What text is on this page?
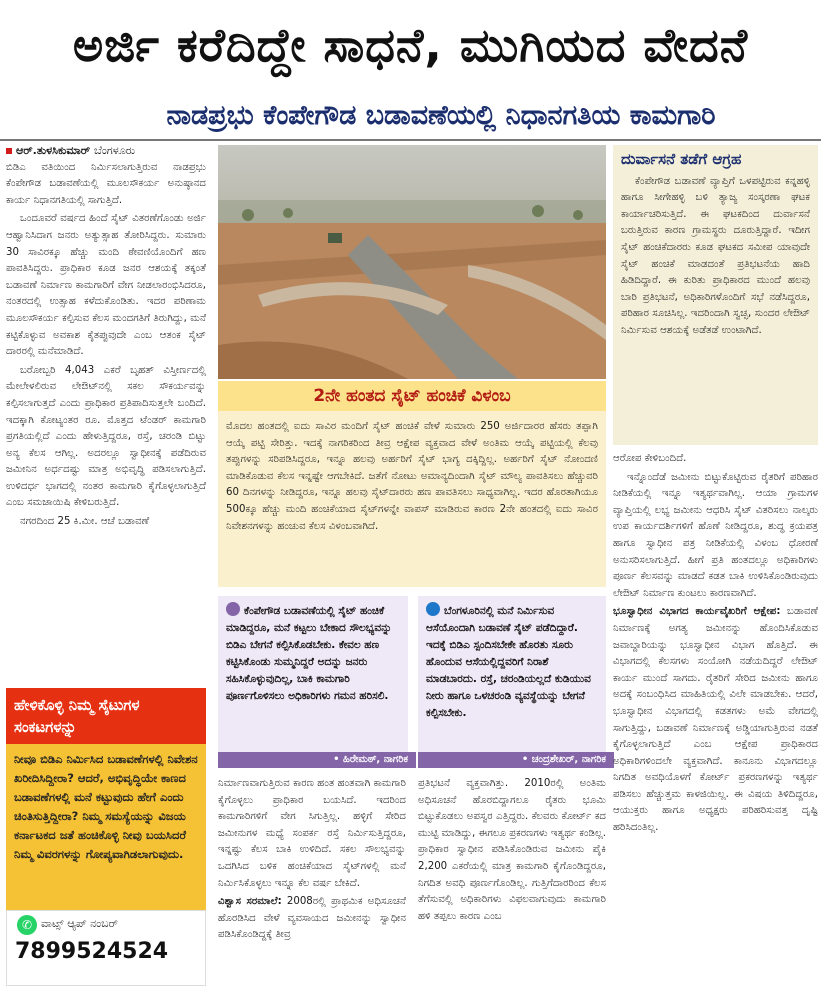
ಅರ್ಜಿ ಕರೆದಿದ್ದೇ ಸಾಧನೆ, ಮುಗಿಯದ ವೇದನೆ
ನಾಡಪ್ರಭು ಕೆಂಪೇಗೌಡ ಬಡಾವಣೆಯಲ್ಲಿ ನಿಧಾನಗತಿಯ ಕಾಮಗಾರಿ
ಆರ್.ತುಳಸಿಕುಮಾರ್ ಬೆಂಗಳೂರು

ಬಿಡಿಎ ವತಿಯಿಂದ ನಿರ್ಮಿಸಲಾಗುತ್ತಿರುವ ನಾಡಪ್ರಭು ಕೆಂಪೇಗೌಡ ಬಡಾವಣೆಯಲ್ಲಿ ಮೂಲಸೌಕರ್ಯ ಅನುಷ್ಠಾನದ ಕಾರ್ಯ ನಿಧಾನಗತಿಯಲ್ಲಿ ಸಾಗುತ್ತಿದೆ.

ಒಂದೂವರೆ ವರ್ಷದ ಹಿಂದೆ ಸೈಟ್ ವಿತರಣೆಗೊಂಡು ಅರ್ಜಿ ಆಹ್ವಾನಿಸಿದಾಗ ಜನರು ಅತ್ಯುತ್ಸಾಹ ತೋರಿಸಿದ್ದರು. ಸುಮಾರು 30 ಸಾವಿರಕ್ಕೂ ಹೆಚ್ಚು ಮಂದಿ ಠೇವಣಿಯೊಂದಿಗೆ ಹಣ ಪಾವತಿಸಿದ್ದರು. ಪ್ರಾಧಿಕಾರ ಕೂಡ ಜನರ ಆಶಯಕ್ಕೆ ತಕ್ಕಂತೆ ಬಡಾವಣೆ ನಿರ್ಮಾಣ ಕಾಮಗಾರಿಗೆ ವೇಗ ನೀಡಲಾರಂಭಿಸಿದರೂ, ನಂತರದಲ್ಲಿ ಉತ್ಸಾಹ ಕಳೆದುಕೊಂಡಿತು. ಇದರ ಪರಿಣಾಮ ಮೂಲಸೌಕರ್ಯ ಕಲ್ಪಿಸುವ ಕೆಲಸ ಮಂದಗತಿಗೆ ತಿರುಗಿದ್ದು, ಮನೆ ಕಟ್ಟಿಕೊಳ್ಳುವ ಅವಕಾಶ ಕೈತಪ್ಪುವುದೇ ಎಂಬ ಆತಂಕ ಸೈಟ್ ದಾರರಲ್ಲಿ ಮನೆಮಾಡಿದೆ.

ಬರೋಬ್ಬರಿ 4,043 ಎಕರೆ ಬೃಹತ್ ವಿಸ್ತೀರ್ಣದಲ್ಲಿ ಮೇಲೇಳಲಿರುವ ಲೇಔಟ್‌ನಲ್ಲಿ ಸಕಲ ಸೌಕರ್ಯವನ್ನು ಕಲ್ಪಿಸಲಾಗುತ್ತದೆ ಎಂದು ಪ್ರಾಧಿಕಾರ ಪ್ರತಿಪಾದಿಸುತ್ತಲೇ ಬಂದಿದೆ. ಇದಕ್ಕಾಗಿ ಕೋಟ್ಯಂತರ ರೂ. ಮೊತ್ತದ ಟೆಂಡರ್ ಕಾಮಗಾರಿ ಪ್ರಗತಿಯಲ್ಲಿದೆ ಎಂದು ಹೇಳುತ್ತಿದ್ದರೂ, ರಸ್ತೆ, ಚರಂಡಿ ಬಿಟ್ಟು ಅನ್ಯ ಕೆಲಸ ಆಗಿಲ್ಲ. ಅದರಲ್ಲೂ ಸ್ವಾಧೀನಕ್ಕೆ ಪಡೆದಿರುವ ಜಮೀನಿನ ಅರ್ಧದಷ್ಟು ಮಾತ್ರ ಅಭಿವೃದ್ಧಿ ಪಡಿಸಲಾಗುತ್ತಿದೆ. ಉಳಿದರ್ಧ ಭಾಗದಲ್ಲಿ ನಂತರ ಕಾಮಗಾರಿ ಕೈಗೊಳ್ಳಲಾಗುತ್ತಿದೆ ಎಂಬ ಸಮಜಾಯಿಷಿ ಕೇಳಿಬರುತ್ತಿದೆ.

ನಗರದಿಂದ 25 ಕಿ.ಮೀ. ಆಚೆ ಬಡಾವಣೆ

ಹೇಳಿಕೊಳ್ಳಿ ನಿಮ್ಮ ಸೈಟುಗಳ ಸಂಕಟಗಳನ್ನು
ನೀವೂ ಬಿಡಿಎ ನಿರ್ಮಿಸಿದ ಬಡಾವಣೆಗಳಲ್ಲಿ ನಿವೇಶನ ಖರೀದಿಸಿದ್ದೀರಾ? ಆದರೆ, ಅಭಿವೃದ್ಧಿಯೇ ಕಾಣದ ಬಡಾವಣೆಗಳಲ್ಲಿ ಮನೆ ಕಟ್ಟುವುದು ಹೇಗೆ ಎಂದು ಚಿಂತಿಸುತ್ತಿದ್ದೀರಾ? ನಿಮ್ಮ ಸಮಸ್ಯೆಯನ್ನು ವಿಜಯ ಕರ್ನಾಟಕದ ಜತೆ ಹಂಚಿಕೊಳ್ಳಿ ನೀವು ಬಯಸಿದರೆ ನಿಮ್ಮ ವಿವರಗಳನ್ನು ಗೋಪ್ಯವಾಗಿಡಲಾಗುವುದು.
✆ ವಾಟ್ಸ್‌ ಆ್ಯಪ್ ನಂಬರ್
7899524524
2ನೇ ಹಂತದ ಸೈಟ್ ಹಂಚಿಕೆ ವಿಳಂಬ
ಮೊದಲ ಹಂತದಲ್ಲಿ ಐದು ಸಾವಿರ ಮಂದಿಗೆ ಸೈಟ್ ಹಂಚಿಕೆ ವೇಳೆ ಸುಮಾರು 250 ಅರ್ಜಿದಾರರ ಹೆಸರು ತಪ್ಪಾಗಿ ಆಯ್ಕೆ ಪಟ್ಟಿ ಸೇರಿತ್ತು. ಇದಕ್ಕೆ ನಾಗರಿಕರಿಂದ ತೀವ್ರ ಆಕ್ಷೇಪ ವ್ಯಕ್ತವಾದ ವೇಳೆ ಅಂತಿಮ ಆಯ್ಕೆ ಪಟ್ಟಿಯಲ್ಲಿ ಕೆಲವು ತಪ್ಪುಗಳನ್ನು ಸರಿಪಡಿಸಿದ್ದರೂ, ಇನ್ನೂ ಹಲವು ಅರ್ಹರಿಗೆ ಸೈಟ್ ಭಾಗ್ಯ ದಕ್ಕಿದ್ದಿಲ್ಲ. ಅರ್ಹರಿಗೆ ಸೈಟ್ ನೋಂದಣಿ ಮಾಡಿಕೊಡುವ ಕೆಲಸ ಇನ್ನಷ್ಟೇ ಆಗಬೇಕಿದೆ. ಜತೆಗೆ ನೋಟು ಅಮಾನ್ಯದಿಂದಾಗಿ ಸೈಟ್ ಮೌಲ್ಯ ಪಾವತಿಸಲು ಹೆಚ್ಚುವರಿ 60 ದಿನಗಳನ್ನು ನೀಡಿದ್ದರೂ, ಇನ್ನೂ ಹಲವು ಸೈಟ್‌ದಾರರು ಹಣ ಪಾವತಿಸಲು ಸಾಧ್ಯವಾಗಿಲ್ಲ. ಇದರ ಹೊರತಾಗಿಯೂ 500ಕ್ಕೂ ಹೆಚ್ಚು ಮಂದಿ ಹಂಚಿಕೆಯಾದ ಸೈಟ್‌ಗಳನ್ನೇ ವಾಪಸ್ ಮಾಡಿರುವ ಕಾರಣ 2ನೇ ಹಂತದಲ್ಲಿ ಐದು ಸಾವಿರ ನಿವೇಶನಗಳನ್ನು ಹಂಚುವ ಕೆಲಸ ವಿಳಂಬವಾಗಿದೆ.
ಕೆಂಪೇಗೌಡ ಬಡಾವಣೆಯಲ್ಲಿ ಸೈಟ್ ಹಂಚಿಕೆ ಮಾಡಿದ್ದರೂ, ಮನೆ ಕಟ್ಟಲು ಬೇಕಾದ ಸೌಲಭ್ಯವನ್ನು ಬಿಡಿಎ ಬೇಗನೆ ಕಲ್ಪಿಸಿಕೊಡಬೇಕು. ಕೇವಲ ಹಣ ಕಟ್ಟಿಸಿಕೊಂಡು ಸುಮ್ಮನಿದ್ದರೆ ಅದನ್ನು ಜನರು ಸಹಿಸಿಕೊಳ್ಳುವುದಿಲ್ಲ, ಬಾಕಿ ಕಾಮಗಾರಿ ಪೂರ್ಣಗೊಳಿಸಲು ಅಧಿಕಾರಿಗಳು ಗಮನ ಹರಿಸಲಿ.
• ಹಿರೇಮಠ್, ನಾಗರಿಕ
ಬೆಂಗಳೂರಿನಲ್ಲಿ ಮನೆ ನಿರ್ಮಿಸುವ ಆಸೆಯೊಂದಾಗಿ ಬಡಾವಣೆ ಸೈಟ್ ಪಡೆದಿದ್ದಾರೆ. ಇದಕ್ಕೆ ಬಿಡಿಎ ಸ್ಪಂದಿಸಬೇಕೇ ಹೊರತು ಸೂರು ಹೊಂದುವ ಆಸೆಯಲ್ಲಿದ್ದವರಿಗೆ ನಿರಾಶೆ ಮಾಡಬಾರದು. ರಸ್ತೆ, ಚರಂಡಿಯಲ್ಲದೆ ಕುಡಿಯುವ ನೀರು ಹಾಗೂ ಒಳಚರಂಡಿ ವ್ಯವಸ್ಥೆಯನ್ನು ಬೇಗನೆ ಕಲ್ಪಿಸಬೇಕು.
• ಚಂದ್ರಶೇಖರ್, ನಾಗರಿಕ

ನಿರ್ಮಾಣವಾಗುತ್ತಿರುವ ಕಾರಣ ಹಂತ ಹಂತವಾಗಿ ಕಾಮಗಾರಿ ಕೈಗೊಳ್ಳಲು ಪ್ರಾಧಿಕಾರ ಬಯಸಿದೆ. ಇದರಿಂದ ಕಾಮಗಾರಿಗಳಿಗೆ ವೇಗ ಸಿಗುತ್ತಿಲ್ಲ. ಹಳ್ಳಿಗೆ ಸೇರಿದ ಜಮೀನುಗಳ ಮಧ್ಯೆ ಸಂಪರ್ಕ ರಸ್ತೆ ನಿರ್ಮಿಸುತ್ತಿದ್ದರೂ, ಇನ್ನಷ್ಟು ಕೆಲಸ ಬಾಕಿ ಉಳಿದಿದೆ. ಸಕಲ ಸೌಲಭ್ಯವನ್ನು ಒದಗಿಸಿದ ಬಳಿಕ ಹಂಚಿಕೆಯಾದ ಸೈಟ್‌ಗಳಲ್ಲಿ ಮನೆ ನಿರ್ಮಿಸಿಕೊಳ್ಳಲು ಇನ್ನೂ ಕೆಲ ವರ್ಷ ಬೇಕಿದೆ.

ವಿಶ್ವಾಸ ಸರಮಾಲೆ: 2008ರಲ್ಲಿ ಪ್ರಾಥಮಿಕ ಅಧಿಸೂಚನೆ ಹೊರಡಿಸಿದ ವೇಳೆ ವ್ಯವಸಾಯದ ಜಮೀನನ್ನು ಸ್ವಾಧೀನ ಪಡಿಸಿಕೊಂಡಿದ್ದಕ್ಕೆ ತೀವ್ರ

ಪ್ರತಿಭಟನೆ ವ್ಯಕ್ತವಾಗಿತ್ತು. 2010ರಲ್ಲಿ ಅಂತಿಮ ಅಧಿಸೂಚನೆ ಹೊರಬಿದ್ದಾಗಲೂ ರೈತರು ಭೂಮಿ ಬಿಟ್ಟುಕೊಡಲು ಅಪಸ್ವರ ಎತ್ತಿದ್ದರು. ಕೆಲವರು ಕೋರ್ಟ್ ಕದ ಮುಟ್ಟಿ ಮಾಡಿದ್ದು, ಈಗಲೂ ಪ್ರಕರಣಗಳು ಇತ್ಯರ್ಥ ಕಂಡಿಲ್ಲ. ಪ್ರಾಧಿಕಾರ ಸ್ವಾಧೀನ ಪಡಿಸಿಕೊಂಡಿರುವ ಜಮೀನು ಪೈಕಿ 2,200 ಎಕರೆಯಲ್ಲಿ ಮಾತ್ರ ಕಾಮಗಾರಿ ಕೈಗೊಂಡಿದ್ದರೂ, ನಿಗದಿತ ಅವಧಿ ಪೂರ್ಣಗೊಂಡಿಲ್ಲ. ಗುತ್ತಿಗೆದಾರರಿಂದ ಕೆಲಸ ತೆಗೆಸುವಲ್ಲಿ ಅಧಿಕಾರಿಗಳು ವಿಫಲವಾಗುವುದು ಕಾಮಗಾರಿ ಹಳಿ ತಪ್ಪಲು ಕಾರಣ ಎಂಬ

ದುರ್ವಾಸನೆ ತಡೆಗೆ ಆಗ್ರಹ

ಕೆಂಪೇಗೌಡ ಬಡಾವಣೆ ವ್ಯಾಪ್ತಿಗೆ ಒಳಪಟ್ಟಿರುವ ಕನ್ನಹಳ್ಳಿ ಹಾಗೂ ಸೀಗೇಹಳ್ಳಿ ಬಳಿ ತ್ಯಾಜ್ಯ ಸಂಸ್ಕರಣಾ ಘಟಕ ಕಾರ್ಯಾಚರಿಸುತ್ತಿದೆ. ಈ ಘಟಕದಿಂದ ದುರ್ವಾಸನೆ ಬರುತ್ತಿರುವ ಕಾರಣ ಗ್ರಾಮಸ್ಥರು ದೂರುತ್ತಿದ್ದಾರೆ. ಇದೀಗ ಸೈಟ್ ಹಂಚಿಕೆದಾರರು ಕೂಡ ಘಟಕದ ಸಮೀಪ ಯಾವುದೇ ಸೈಟ್ ಹಂಚಿಕೆ ಮಾಡದಂತೆ ಪ್ರತಿಭಟನೆಯ ಹಾದಿ ಹಿಡಿದಿದ್ದಾರೆ. ಈ ಕುರಿತು ಪ್ರಾಧಿಕಾರದ ಮುಂದೆ ಹಲವು ಬಾರಿ ಪ್ರತಿಭಟನೆ, ಅಧಿಕಾರಿಗಳೊಂದಿಗೆ ಸಭೆ ನಡೆಸಿದ್ದರೂ, ಪರಿಹಾರ ಸೂಚಿಸಿಲ್ಲ. ಇದರಿಂದಾಗಿ ಸ್ವಚ್ಛ, ಸುಂದರ ಲೇಔಟ್ ನಿರ್ಮಿಸುವ ಆಶಯಕ್ಕೆ ಅಡೆತಡೆ ಉಂಟಾಗಿದೆ.

ಆರೋಪ ಕೇಳಿಬಂದಿದೆ.

ಇನ್ನೊಂದೆಡೆ ಜಮೀನು ಬಿಟ್ಟುಕೊಟ್ಟಿರುವ ರೈತರಿಗೆ ಪರಿಹಾರ ನೀಡಿಕೆಯಲ್ಲಿ ಇನ್ನೂ ಇತ್ಯರ್ಥವಾಗಿಲ್ಲ. ಆಯಾ ಗ್ರಾಮಗಳ ವ್ಯಾಪ್ತಿಯಲ್ಲಿ ಲಭ್ಯ ಜಮೀನು ಆಧರಿಸಿ ಸೈಟ್ ವಿತರಿಸಲು ನಾಲ್ಕರು ಉಪ ಕಾರ್ಯದರ್ಶಿಗಳಿಗೆ ಹೊಣೆ ನೀಡಿದ್ದರೂ, ಶುದ್ಧ ಕ್ರಯಪತ್ರ ಹಾಗೂ ಸ್ವಾಧೀನ ಪತ್ರ ನೀಡಿಕೆಯಲ್ಲಿ ವಿಳಂಬ ಧೋರಣೆ ಅನುಸರಿಸಲಾಗುತ್ತಿದೆ. ಹೀಗೆ ಪ್ರತಿ ಹಂತದಲ್ಲೂ ಅಧಿಕಾರಿಗಳು ಪೂರ್ಣ ಕೆಲಸವನ್ನು ಮಾಡದೆ ಕಡತ ಬಾಕಿ ಉಳಿಸಿಕೊಂಡಿರುವುದು ಲೇಔಟ್ ನಿರ್ಮಾಣ ಕುಂಟಲು ಕಾರಣವಾಗಿದೆ.

ಭೂಸ್ವಾಧೀನ ವಿಭಾಗದ ಕಾರ್ಯವೈಖರಿಗೆ ಆಕ್ಷೇಪ: ಬಡಾವಣೆ ನಿರ್ಮಾಣಕ್ಕೆ ಅಗತ್ಯ ಜಮೀನನ್ನು ಹೊಂದಿಸಿಕೊಡುವ ಜವಾಬ್ದಾರಿಯನ್ನು ಭೂಸ್ವಾಧೀನ ವಿಭಾಗ ಹೊತ್ತಿದೆ. ಈ ವಿಭಾಗದಲ್ಲಿ ಕೆಲಸಗಳು ಸಂಯೋಗಿ ನಡೆಯದಿದ್ದರೆ ಲೇಔಟ್ ಕಾರ್ಯ ಮುಂದೆ ಸಾಗದು. ರೈತರಿಗೆ ಸೇರಿದ ಜಮೀನು ಹಾಗೂ ಅದಕ್ಕೆ ಸಂಬಂಧಿಸಿದ ಮಾಹಿತಿಯಲ್ಲಿ ವಿಲೇ ಮಾಡಬೇಕು. ಆದರೆ, ಭೂಸ್ವಾಧೀನ ವಿಭಾಗದಲ್ಲಿ ಕಡತಗಳು ಅಮೆ ವೇಗದಲ್ಲಿ ಸಾಗುತ್ತಿದ್ದು, ಬಡಾವಣೆ ನಿರ್ಮಾಣಕ್ಕೆ ಅಡ್ಡಿಯಾಗುತ್ತಿರುವ ನಡತೆ ಕೈಗೊಳ್ಳಲಾಗುತ್ತಿದೆ ಎಂಬ ಆಕ್ಷೇಪ ಪ್ರಾಧಿಕಾರದ ಅಧಿಕಾರಿಗಳಿಂದಲೇ ವ್ಯಕ್ತವಾಗಿದೆ. ಕಾನೂನು ವಿಭಾಗದಲ್ಲೂ ನಿಗದಿತ ಅವಧಿಯೊಳಗೆ ಕೋರ್ಟ್ ಪ್ರಕರಣಗಳನ್ನು ಇತ್ಯರ್ಥ ಪಡಿಸಲು ಹೆಚ್ಚುತ್ತಮ ಕಾಳಜಿಯಿಲ್ಲ. ಈ ವಿಷಯ ತಿಳಿದಿದ್ದರೂ, ಆಯುಕ್ತರು ಹಾಗೂ ಅಧ್ಯಕ್ಷರು ಪರಿಹರಿಸುವತ್ತ ದೃಷ್ಟಿ ಹರಿಸಿದಂತಿಲ್ಲ.
